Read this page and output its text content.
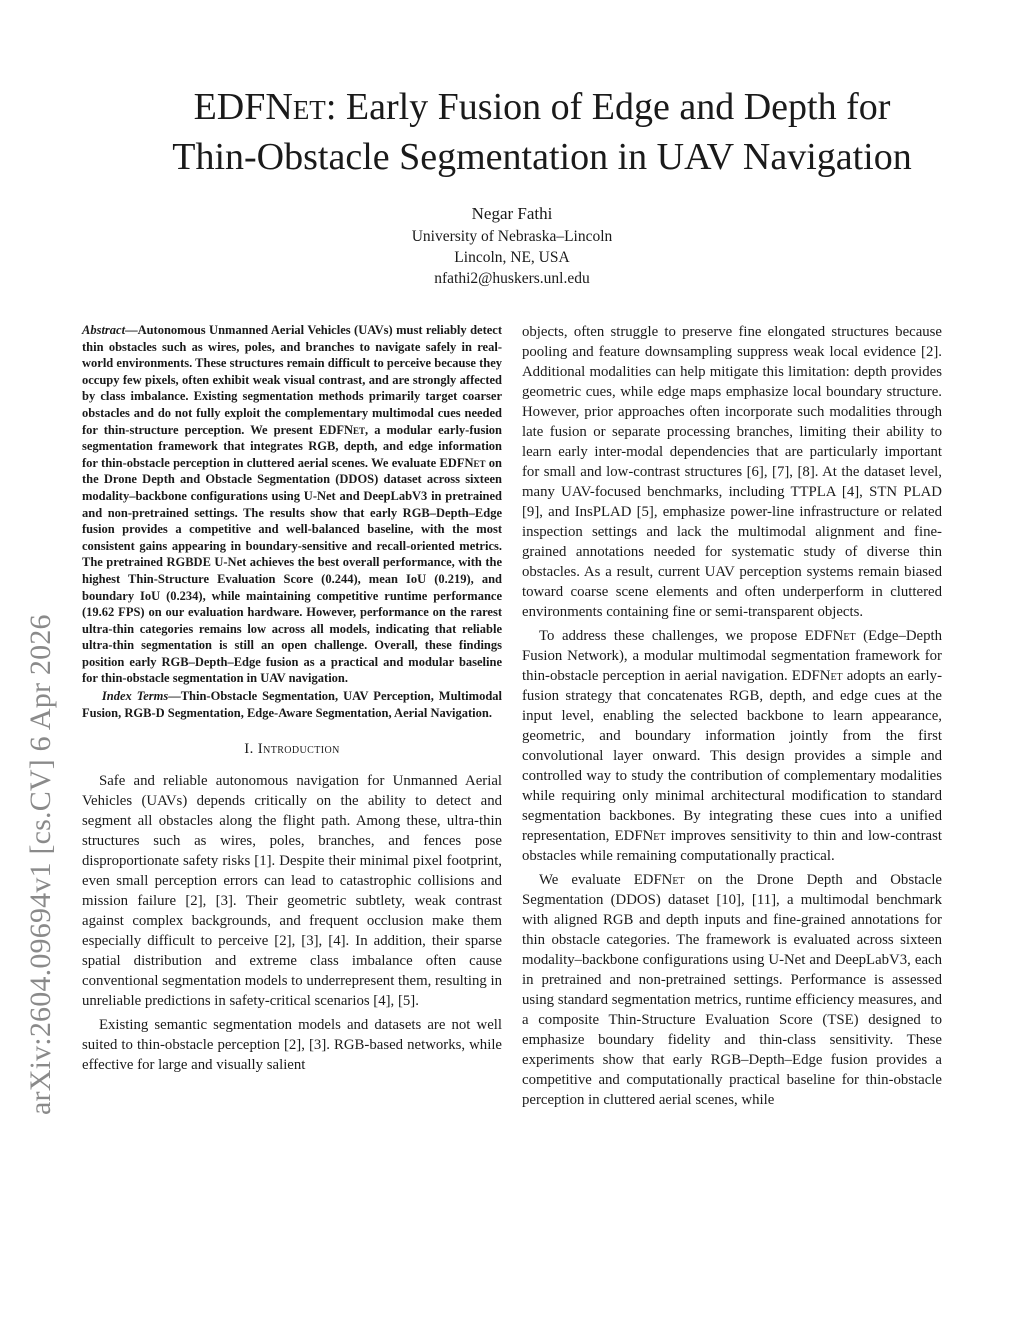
arXiv:2604.09694v1 [cs.CV] 6 Apr 2026
EDFNet: Early Fusion of Edge and Depth for
Thin-Obstacle Segmentation in UAV Navigation
Negar Fathi
University of Nebraska–Lincoln
Lincoln, NE, USA
nfathi2@huskers.unl.edu
Abstract—Autonomous Unmanned Aerial Vehicles (UAVs) must reliably detect thin obstacles such as wires, poles, and branches to navigate safely in real-world environments. These structures remain difficult to perceive because they occupy few pixels, often exhibit weak visual contrast, and are strongly affected by class imbalance. Existing segmentation methods primarily target coarser obstacles and do not fully exploit the complementary multimodal cues needed for thin-structure perception. We present EDFNet, a modular early-fusion segmentation framework that integrates RGB, depth, and edge information for thin-obstacle perception in cluttered aerial scenes. We evaluate EDFNet on the Drone Depth and Obstacle Segmentation (DDOS) dataset across sixteen modality–backbone configurations using U-Net and DeepLabV3 in pretrained and non-pretrained settings. The results show that early RGB–Depth–Edge fusion provides a competitive and well-balanced baseline, with the most consistent gains appearing in boundary-sensitive and recall-oriented metrics. The pretrained RGBDE U-Net achieves the best overall performance, with the highest Thin-Structure Evaluation Score (0.244), mean IoU (0.219), and boundary IoU (0.234), while maintaining competitive runtime performance (19.62 FPS) on our evaluation hardware. However, performance on the rarest ultra-thin categories remains low across all models, indicating that reliable ultra-thin segmentation is still an open challenge. Overall, these findings position early RGB–Depth–Edge fusion as a practical and modular baseline for thin-obstacle segmentation in UAV navigation.
Index Terms—Thin-Obstacle Segmentation, UAV Perception, Multimodal Fusion, RGB-D Segmentation, Edge-Aware Segmentation, Aerial Navigation.
I. Introduction

Safe and reliable autonomous navigation for Unmanned Aerial Vehicles (UAVs) depends critically on the ability to detect and segment all obstacles along the flight path. Among these, ultra-thin structures such as wires, poles, branches, and fences pose disproportionate safety risks [1]. Despite their minimal pixel footprint, even small perception errors can lead to catastrophic collisions and mission failure [2], [3]. Their geometric subtlety, weak contrast against complex backgrounds, and frequent occlusion make them especially difficult to perceive [2], [3], [4]. In addition, their sparse spatial distribution and extreme class imbalance often cause conventional segmentation models to underrepresent them, resulting in unreliable predictions in safety-critical scenarios [4], [5].

Existing semantic segmentation models and datasets are not well suited to thin-obstacle perception [2], [3]. RGB-based networks, while effective for large and visually salient

objects, often struggle to preserve fine elongated structures because pooling and feature downsampling suppress weak local evidence [2]. Additional modalities can help mitigate this limitation: depth provides geometric cues, while edge maps emphasize local boundary structure. However, prior approaches often incorporate such modalities through late fusion or separate processing branches, limiting their ability to learn early inter-modal dependencies that are particularly important for small and low-contrast structures [6], [7], [8]. At the dataset level, many UAV-focused benchmarks, including TTPLA [4], STN PLAD [9], and InsPLAD [5], emphasize power-line infrastructure or related inspection settings and lack the multimodal alignment and fine-grained annotations needed for systematic study of diverse thin obstacles. As a result, current UAV perception systems remain biased toward coarse scene elements and often underperform in cluttered environments containing fine or semi-transparent objects.

To address these challenges, we propose EDFNet (Edge–Depth Fusion Network), a modular multimodal segmentation framework for thin-obstacle perception in aerial navigation. EDFNet adopts an early-fusion strategy that concatenates RGB, depth, and edge cues at the input level, enabling the selected backbone to learn appearance, geometric, and boundary information jointly from the first convolutional layer onward. This design provides a simple and controlled way to study the contribution of complementary modalities while requiring only minimal architectural modification to standard segmentation backbones. By integrating these cues into a unified representation, EDFNet improves sensitivity to thin and low-contrast obstacles while remaining computationally practical.

We evaluate EDFNet on the Drone Depth and Obstacle Segmentation (DDOS) dataset [10], [11], a multimodal benchmark with aligned RGB and depth inputs and fine-grained annotations for thin obstacle categories. The framework is evaluated across sixteen modality–backbone configurations using U-Net and DeepLabV3, each in pretrained and non-pretrained settings. Performance is assessed using standard segmentation metrics, runtime efficiency measures, and a composite Thin-Structure Evaluation Score (TSE) designed to emphasize boundary fidelity and thin-class sensitivity. These experiments show that early RGB–Depth–Edge fusion provides a competitive and computationally practical baseline for thin-obstacle perception in cluttered aerial scenes, while
